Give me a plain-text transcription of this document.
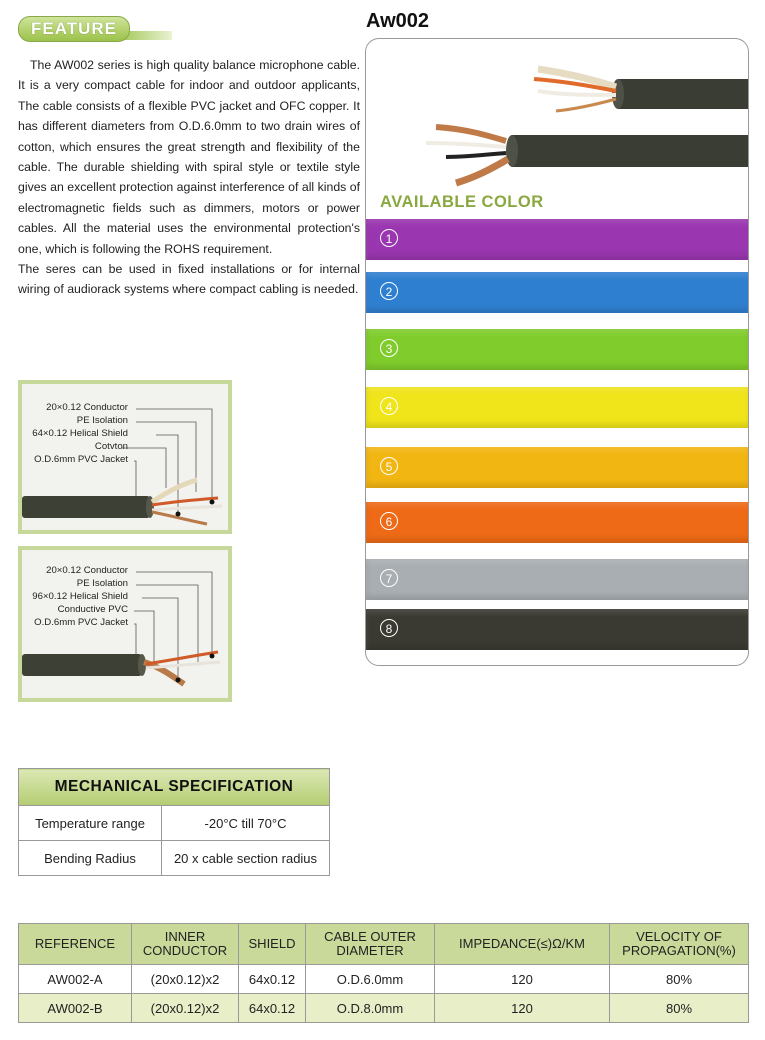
FEATURE	Aw002

The AW002 series is high quality balance microphone cable. It is a very compact cable for indoor and outdoor applicants, The cable consists of a flexible PVC jacket and OFC copper. It has different diameters from O.D.6.0mm to two drain wires of cotton, which ensures the great strength and flexibility of the cable. The durable shielding with spiral style or textile style gives an excellent protection against interference of all kinds of electromagnetic fields such as dimmers, motors or power cables. All the material uses the environmental protection's one, which is following the ROHS requirement.

The seres can be used in fixed installations or for internal wiring of audiorack systems where compact cabling is needed.

20×0.12 Conductor
PE Isolation
64×0.12 Helical Shield
Cotvton
O.D.6mm PVC Jacket
20×0.12 Conductor
PE Isolation
96×0.12 Helical Shield
Conductive PVC
O.D.6mm PVC Jacket
AVAILABLE COLOR
1
2
3
4
5
6
7
8
MECHANICAL SPECIFICATION	
Temperature range	-20°C till 70°C
Bending Radius	20 x cable section radius
REFERENCE	INNER CONDUCTOR	SHIELD	CABLE OUTER DIAMETER	IMPEDANCE(≤)Ω/KM	VELOCITY OF PROPAGATION(%)
AW002-A	(20x0.12)x2	64x0.12	O.D.6.0mm	120	80%
AW002-B	(20x0.12)x2	64x0.12	O.D.8.0mm	120	80%
